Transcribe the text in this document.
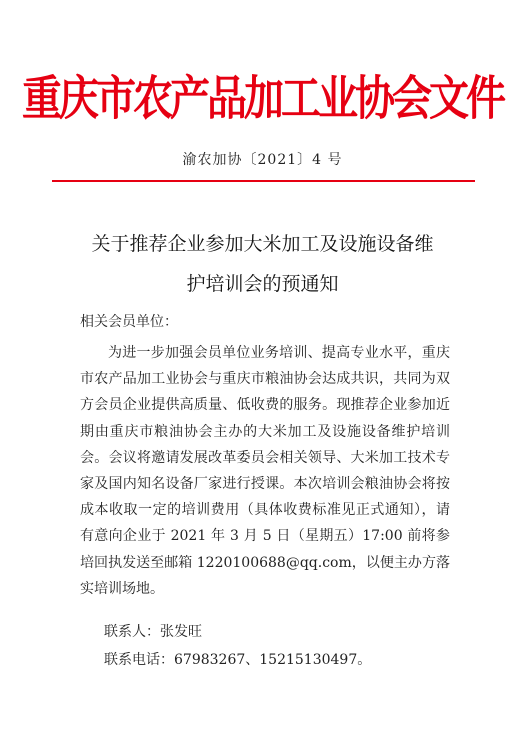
重庆市农产品加工业协会文件
渝农加协〔2021〕4 号
关于推荐企业参加大米加工及设施设备维
护培训会的预通知
相关会员单位：
为进一步加强会员单位业务培训、提高专业水平，重庆市农产品加工业协会与重庆市粮油协会达成共识，共同为双方会员企业提供高质量、低收费的服务。现推荐企业参加近期由重庆市粮油协会主办的大米加工及设施设备维护培训会。会议将邀请发展改革委员会相关领导、大米加工技术专家及国内知名设备厂家进行授课。本次培训会粮油协会将按成本收取一定的培训费用（具体收费标准见正式通知），请有意向企业于 2021 年 3 月 5 日（星期五）17:00 前将参培回执发送至邮箱 1220100688@qq.com，以便主办方落实培训场地。
联系人：张发旺
联系电话：67983267、15215130497。
